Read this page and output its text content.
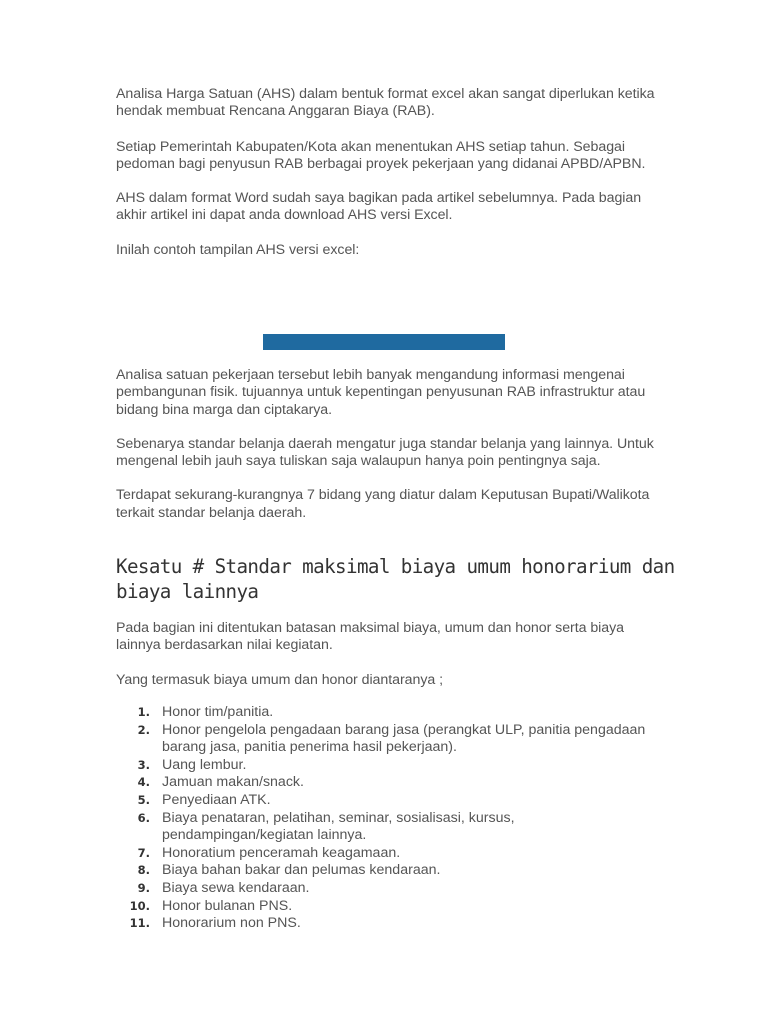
Analisa Harga Satuan (AHS) dalam bentuk format excel akan sangat diperlukan ketika hendak membuat Rencana Anggaran Biaya (RAB).

Setiap Pemerintah Kabupaten/Kota akan menentukan AHS setiap tahun. Sebagai pedoman bagi penyusun RAB berbagai proyek pekerjaan yang didanai APBD/APBN.

AHS dalam format Word sudah saya bagikan pada artikel sebelumnya. Pada bagian akhir artikel ini dapat anda download AHS versi Excel.

Inilah contoh tampilan AHS versi excel:

Analisa satuan pekerjaan tersebut lebih banyak mengandung informasi mengenai pembangunan fisik. tujuannya untuk kepentingan penyusunan RAB infrastruktur atau bidang bina marga dan ciptakarya.

Sebenarya standar belanja daerah mengatur juga standar belanja yang lainnya. Untuk mengenal lebih jauh saya tuliskan saja walaupun hanya poin pentingnya saja.

Terdapat sekurang-kurangnya 7 bidang yang diatur dalam Keputusan Bupati/Walikota terkait standar belanja daerah.

Kesatu # Standar maksimal biaya umum honorarium dan biaya lainnya

Pada bagian ini ditentukan batasan maksimal biaya, umum dan honor serta biaya lainnya berdasarkan nilai kegiatan.

Yang termasuk biaya umum dan honor diantaranya ;

1. Honor tim/panitia.
2. Honor pengelola pengadaan barang jasa (perangkat ULP, panitia pengadaan barang jasa, panitia penerima hasil pekerjaan).
3. Uang lembur.
4. Jamuan makan/snack.
5. Penyediaan ATK.
6. Biaya penataran, pelatihan, seminar, sosialisasi, kursus, pendampingan/kegiatan lainnya.
7. Honoratium penceramah keagamaan.
8. Biaya bahan bakar dan pelumas kendaraan.
9. Biaya sewa kendaraan.
10. Honor bulanan PNS.
11. Honorarium non PNS.
